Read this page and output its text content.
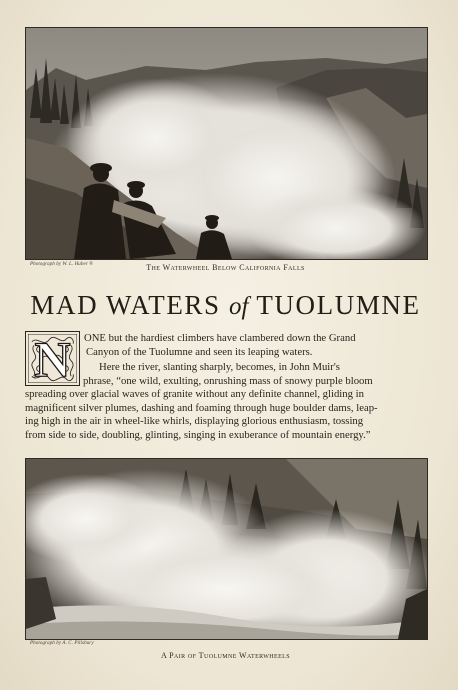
Photograph by W. L. Huber ®	The Waterwheel Below California Falls
MAD WATERS of TUOLUMNE
N	ONE but the hardiest climbers have clambered down the Grand
Canyon of the Tuolumne and seen its leaping waters.

Here the river, slanting sharply, becomes, in John Muir's
phrase, “one wild, exulting, onrushing mass of snowy purple bloom
spreading over glacial waves of granite without any definite channel, gliding in
magnificent silver plumes, dashing and foaming through huge boulder dams, leap-
ing high in the air in wheel-like whirls, displaying glorious enthusiasm, tossing
from side to side, doubling, glinting, singing in exuberance of mountain energy.”

Photograph by A. C. Pillsbury
A Pair of Tuolumne Waterwheels
